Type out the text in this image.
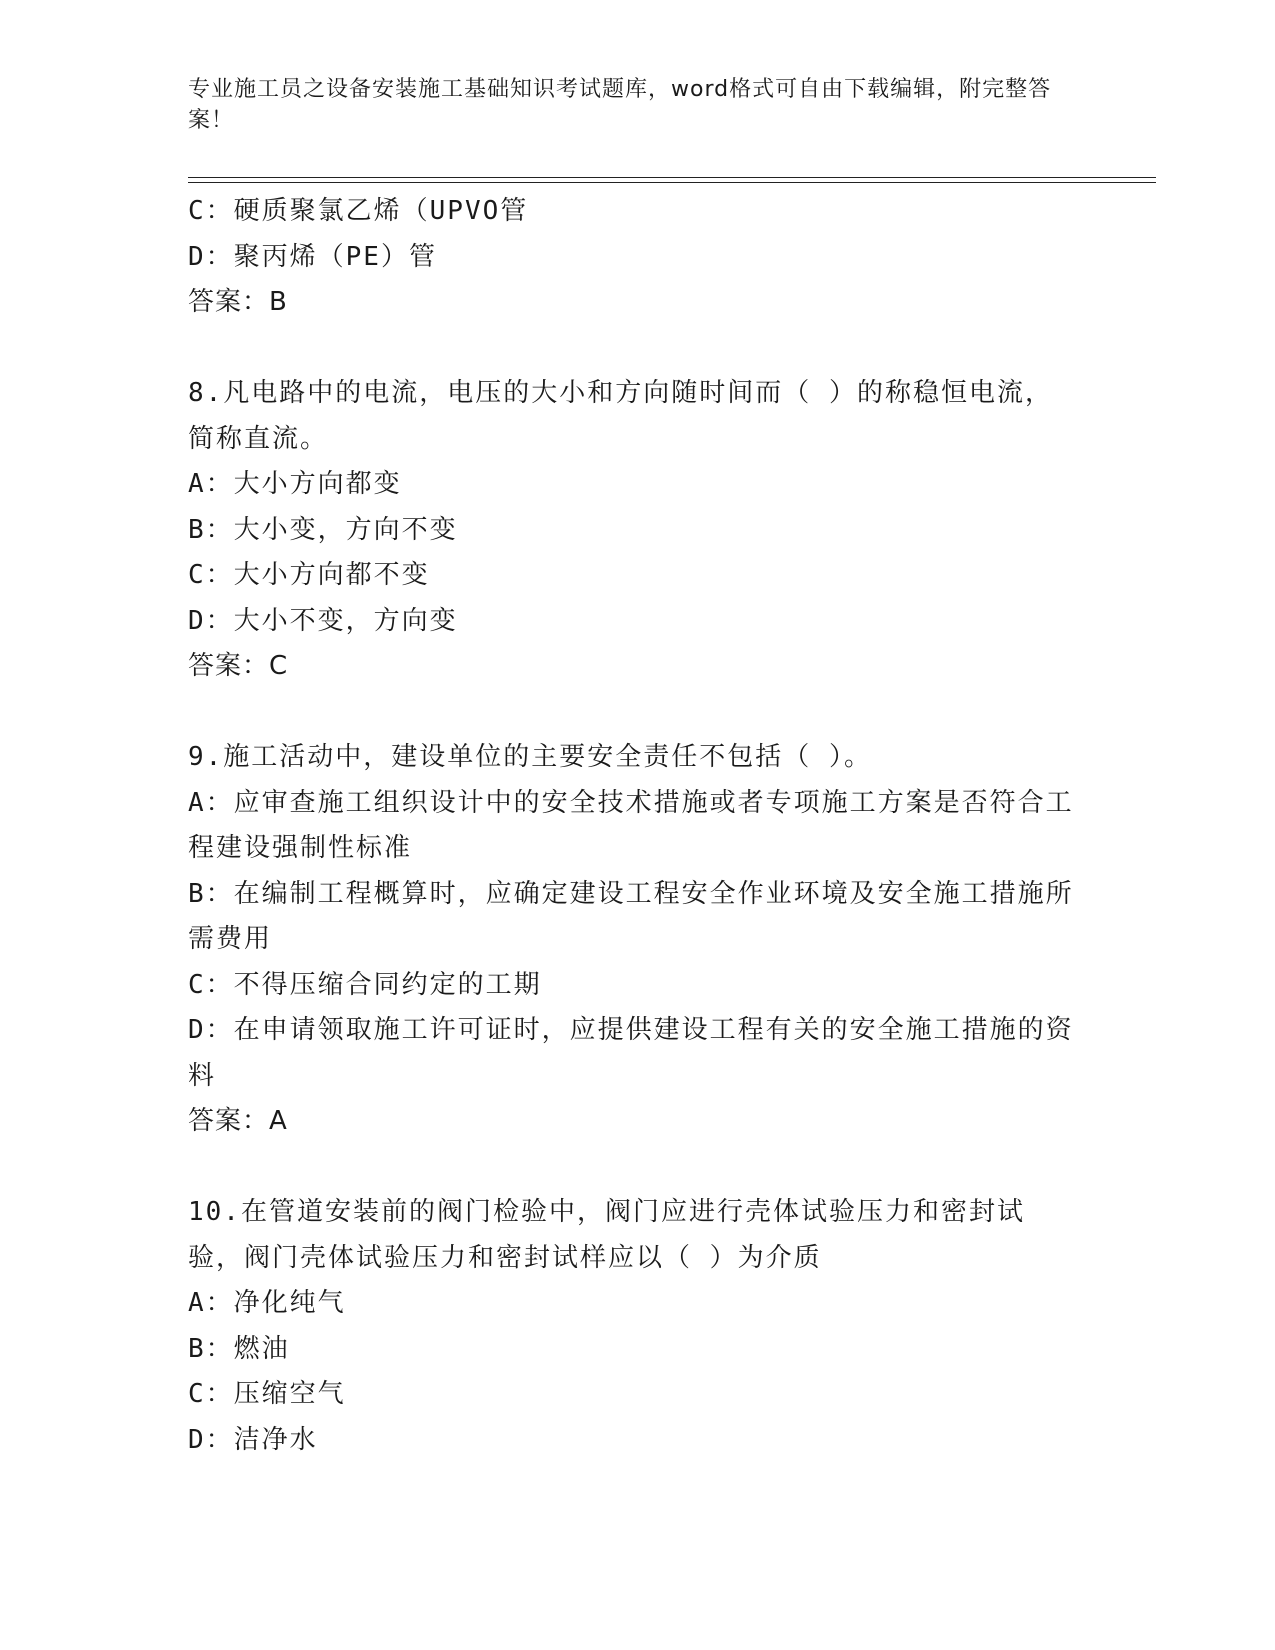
专业施工员之设备安装施工基础知识考试题库，word格式可自由下载编辑，附完整答案！

C：硬质聚氯乙烯（UPVO管

D：聚丙烯（PE）管

答案：B

8.凡电路中的电流，电压的大小和方向随时间而（ ）的称稳恒电流，简称直流。

A：大小方向都变

B：大小变，方向不变

C：大小方向都不变

D：大小不变，方向变

答案：C

9.施工活动中，建设单位的主要安全责任不包括（ ）。

A：应审查施工组织设计中的安全技术措施或者专项施工方案是否符合工程建设强制性标准

B：在编制工程概算时，应确定建设工程安全作业环境及安全施工措施所需费用

C：不得压缩合同约定的工期

D：在申请领取施工许可证时，应提供建设工程有关的安全施工措施的资料

答案：A

10.在管道安装前的阀门检验中，阀门应进行壳体试验压力和密封试验，阀门壳体试验压力和密封试样应以（ ）为介质

A：净化纯气

B：燃油

C：压缩空气

D：洁净水
